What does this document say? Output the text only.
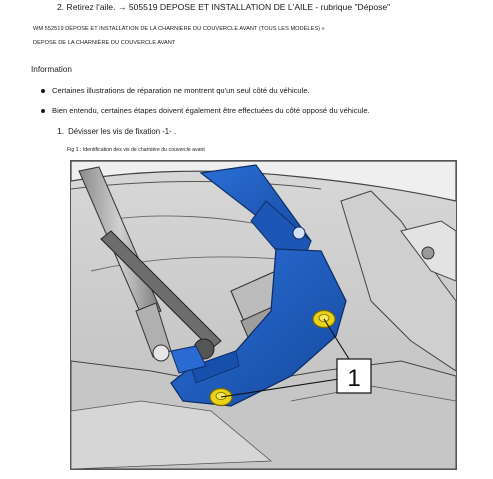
2. Retirez l'aile. → 505519 DEPOSE ET INSTALLATION DE L'AILE - rubrique "Dépose"
WM 552519 DÉPOSE ET INSTALLATION DE LA CHARNIÈRE DU COUVERCLE AVANT (TOUS LES MODÈLES) »
DEPOSE DE LA CHARNIÈRE DU COUVERCLE AVANT
Information
Certaines illustrations de réparation ne montrent qu'un seul côté du véhicule.
Bien entendu, certaines étapes doivent également être effectuées du côté opposé du véhicule.
1. Dévisser les vis de fixation -1- .
Fig 1 : Identification des vis de charnière du couvercle avant
1
